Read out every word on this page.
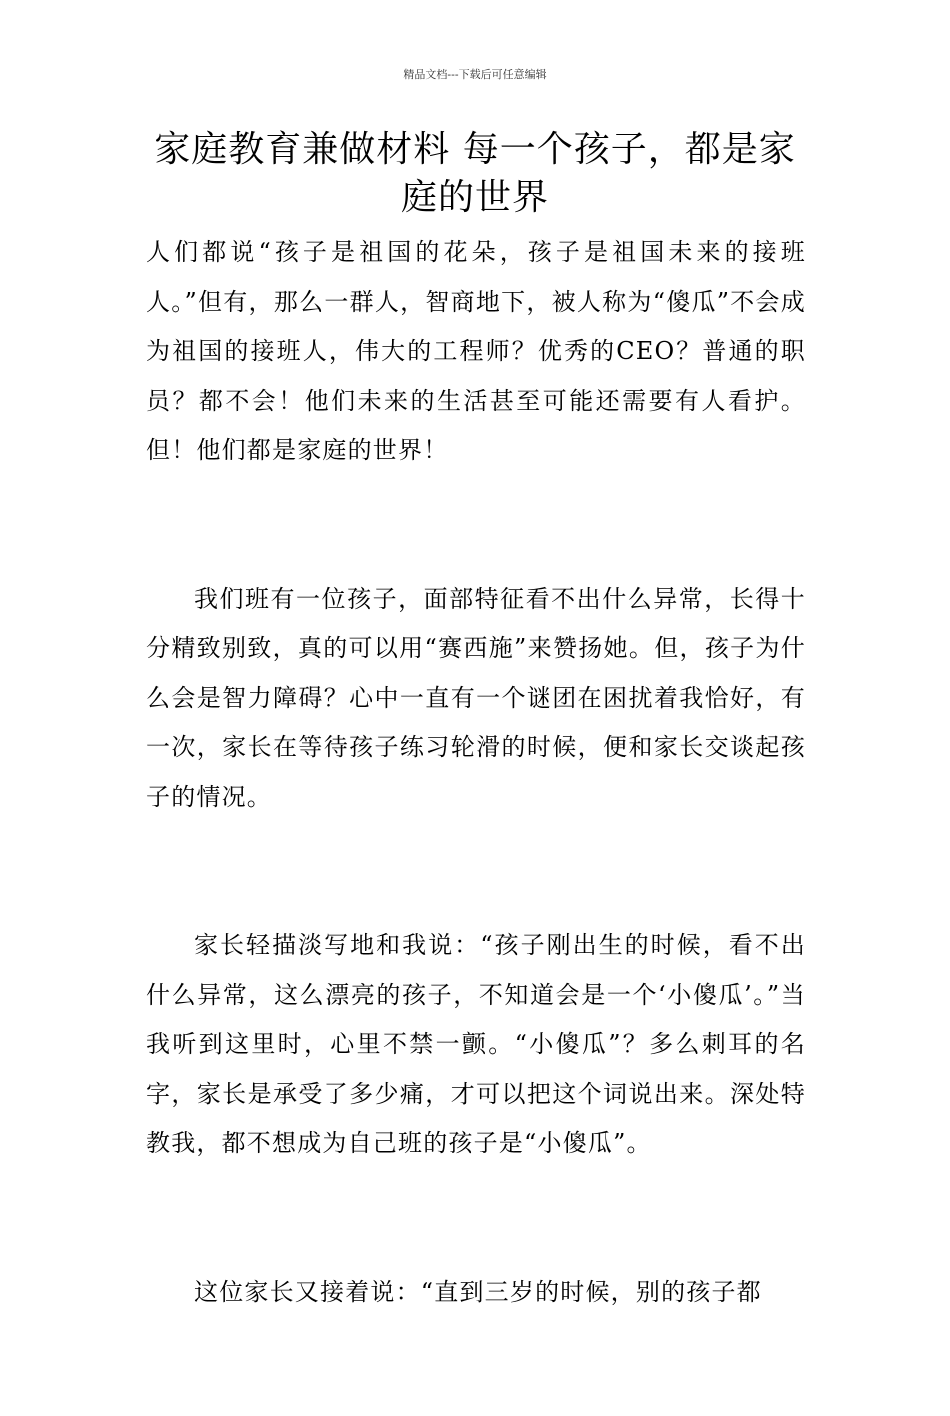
精品文档---下载后可任意编辑
家庭教育兼做材料 每一个孩子，都是家庭的世界

人们都说“孩子是祖国的花朵，孩子是祖国未来的接班人。”但有，那么一群人，智商地下，被人称为“傻瓜”不会成为祖国的接班人，伟大的工程师？优秀的CEO？普通的职员？都不会！他们未来的生活甚至可能还需要有人看护。但！他们都是家庭的世界！

我们班有一位孩子，面部特征看不出什么异常，长得十分精致别致，真的可以用“赛西施”来赞扬她。但，孩子为什么会是智力障碍？心中一直有一个谜团在困扰着我恰好，有一次，家长在等待孩子练习轮滑的时候，便和家长交谈起孩子的情况。

家长轻描淡写地和我说：“孩子刚出生的时候，看不出什么异常，这么漂亮的孩子，不知道会是一个‘小傻瓜’。”当我听到这里时，心里不禁一颤。“小傻瓜”？多么刺耳的名字，家长是承受了多少痛，才可以把这个词说出来。深处特教我，都不想成为自己班的孩子是“小傻瓜”。

这位家长又接着说：“直到三岁的时候，别的孩子都
